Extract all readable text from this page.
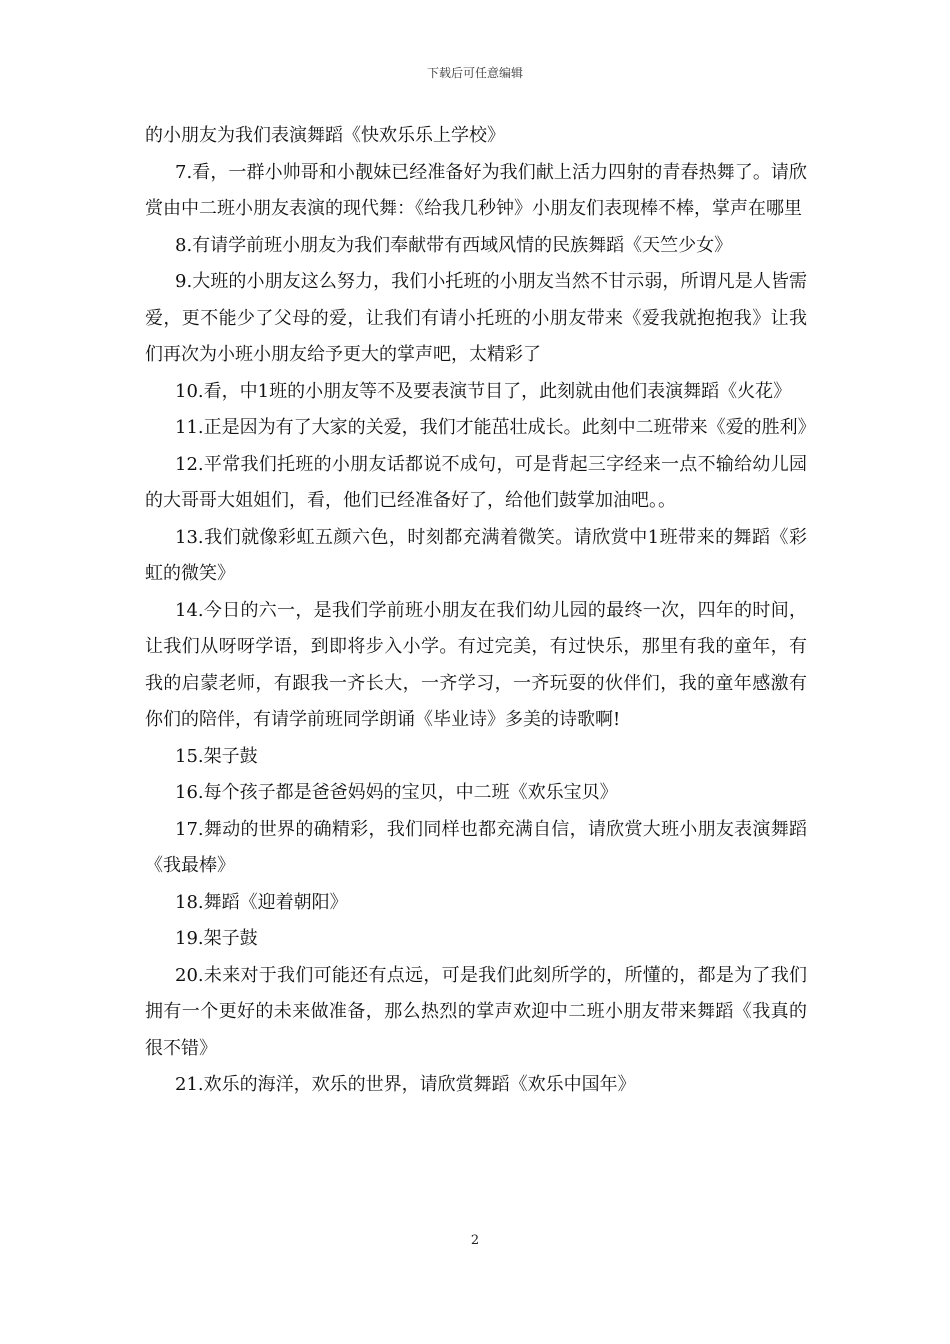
下载后可任意编辑

的小朋友为我们表演舞蹈《快欢乐乐上学校》

7.看，一群小帅哥和小靓妹已经准备好为我们献上活力四射的青春热舞了。请欣赏由中二班小朋友表演的现代舞：《给我几秒钟》小朋友们表现棒不棒，掌声在哪里

8.有请学前班小朋友为我们奉献带有西域风情的民族舞蹈《天竺少女》

9.大班的小朋友这么努力，我们小托班的小朋友当然不甘示弱，所谓凡是人皆需爱，更不能少了父母的爱，让我们有请小托班的小朋友带来《爱我就抱抱我》让我们再次为小班小朋友给予更大的掌声吧，太精彩了

10.看，中1班的小朋友等不及要表演节目了，此刻就由他们表演舞蹈《火花》

11.正是因为有了大家的关爱，我们才能茁壮成长。此刻中二班带来《爱的胜利》

12.平常我们托班的小朋友话都说不成句，可是背起三字经来一点不输给幼儿园的大哥哥大姐姐们，看，他们已经准备好了，给他们鼓掌加油吧。。

13.我们就像彩虹五颜六色，时刻都充满着微笑。请欣赏中1班带来的舞蹈《彩虹的微笑》

14.今日的六一，是我们学前班小朋友在我们幼儿园的最终一次，四年的时间，让我们从呀呀学语，到即将步入小学。有过完美，有过快乐，那里有我的童年，有我的启蒙老师，有跟我一齐长大，一齐学习，一齐玩耍的伙伴们，我的童年感激有你们的陪伴，有请学前班同学朗诵《毕业诗》多美的诗歌啊!

15.架子鼓

16.每个孩子都是爸爸妈妈的宝贝，中二班《欢乐宝贝》

17.舞动的世界的确精彩，我们同样也都充满自信，请欣赏大班小朋友表演舞蹈《我最棒》

18.舞蹈《迎着朝阳》

19.架子鼓

20.未来对于我们可能还有点远，可是我们此刻所学的，所懂的，都是为了我们拥有一个更好的未来做准备，那么热烈的掌声欢迎中二班小朋友带来舞蹈《我真的很不错》

21.欢乐的海洋，欢乐的世界，请欣赏舞蹈《欢乐中国年》

2
